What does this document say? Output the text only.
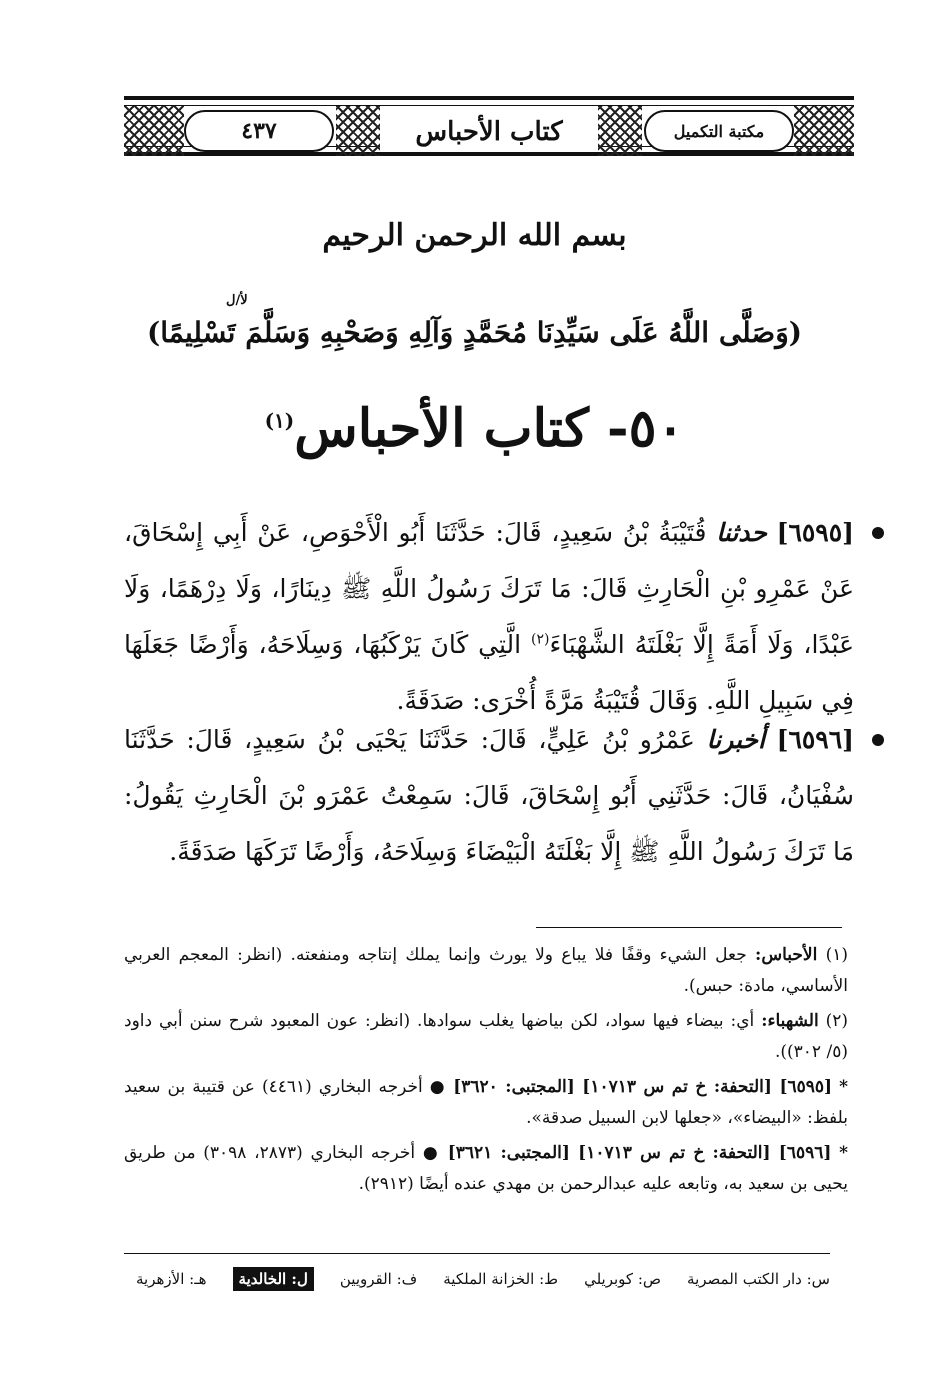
٤٣٧	كتاب الأحباس	مكتبة التكميل
بسم الله الرحمن الرحيم
لأ/ل
(وَصَلَّى اللَّهُ عَلَى سَيِّدِنَا مُحَمَّدٍ وَآلِهِ وَصَحْبِهِ وَسَلَّمَ تَسْلِيمًا)
٥٠- كتاب الأحباس$^{(١)}$
[٦٥٩٥] حدثنا قُتَيْبَةُ بْنُ سَعِيدٍ، قَالَ: حَدَّثَنَا أَبُو الْأَحْوَصِ، عَنْ أَبِي إِسْحَاقَ، عَنْ عَمْرِو بْنِ الْحَارِثِ قَالَ: مَا تَرَكَ رَسُولُ اللَّهِ ﷺ دِينَارًا، وَلَا دِرْهَمًا، وَلَا عَبْدًا، وَلَا أَمَةً إِلَّا بَغْلَتَهُ الشَّهْبَاءَ$^{(٢)}$ الَّتِي كَانَ يَرْكَبُهَا، وَسِلَاحَهُ، وَأَرْضًا جَعَلَهَا فِي سَبِيلِ اللَّهِ. وَقَالَ قُتَيْبَةُ مَرَّةً أُخْرَى: صَدَقَةً.
[٦٥٩٦] أخبرنا عَمْرُو بْنُ عَلِيٍّ، قَالَ: حَدَّثَنَا يَحْيَى بْنُ سَعِيدٍ، قَالَ: حَدَّثَنَا سُفْيَانُ، قَالَ: حَدَّثَنِي أَبُو إِسْحَاقَ، قَالَ: سَمِعْتُ عَمْرَو بْنَ الْحَارِثِ يَقُولُ: مَا تَرَكَ رَسُولُ اللَّهِ ﷺ إِلَّا بَغْلَتَهُ الْبَيْضَاءَ وَسِلَاحَهُ، وَأَرْضًا تَرَكَهَا صَدَقَةً.

(١) الأحباس: جعل الشيء وقفًا فلا يباع ولا يورث وإنما يملك إنتاجه ومنفعته. (انظر: المعجم العربي الأساسي، مادة: حبس).

(٢) الشهباء: أي: بيضاء فيها سواد، لكن بياضها يغلب سوادها. (انظر: عون المعبود شرح سنن أبي داود (٥/ ٣٠٢)).

* [٦٥٩٥] [التحفة: خ تم س ١٠٧١٣] [المجتبى: ٣٦٢٠] ● أخرجه البخاري (٤٤٦١) عن قتيبة بن سعيد بلفظ: «البيضاء»، «جعلها لابن السبيل صدقة».

* [٦٥٩٦] [التحفة: خ تم س ١٠٧١٣] [المجتبى: ٣٦٢١] ● أخرجه البخاري (٢٨٧٣، ٣٠٩٨) من طريق يحيى بن سعيد به، وتابعه عليه عبدالرحمن بن مهدي عنده أيضًا (٢٩١٢).

س: دار الكتب المصرية
ص: كوبريلي
ط: الخزانة الملكية
ف: القرويين
ل: الخالدية
هـ: الأزهرية
